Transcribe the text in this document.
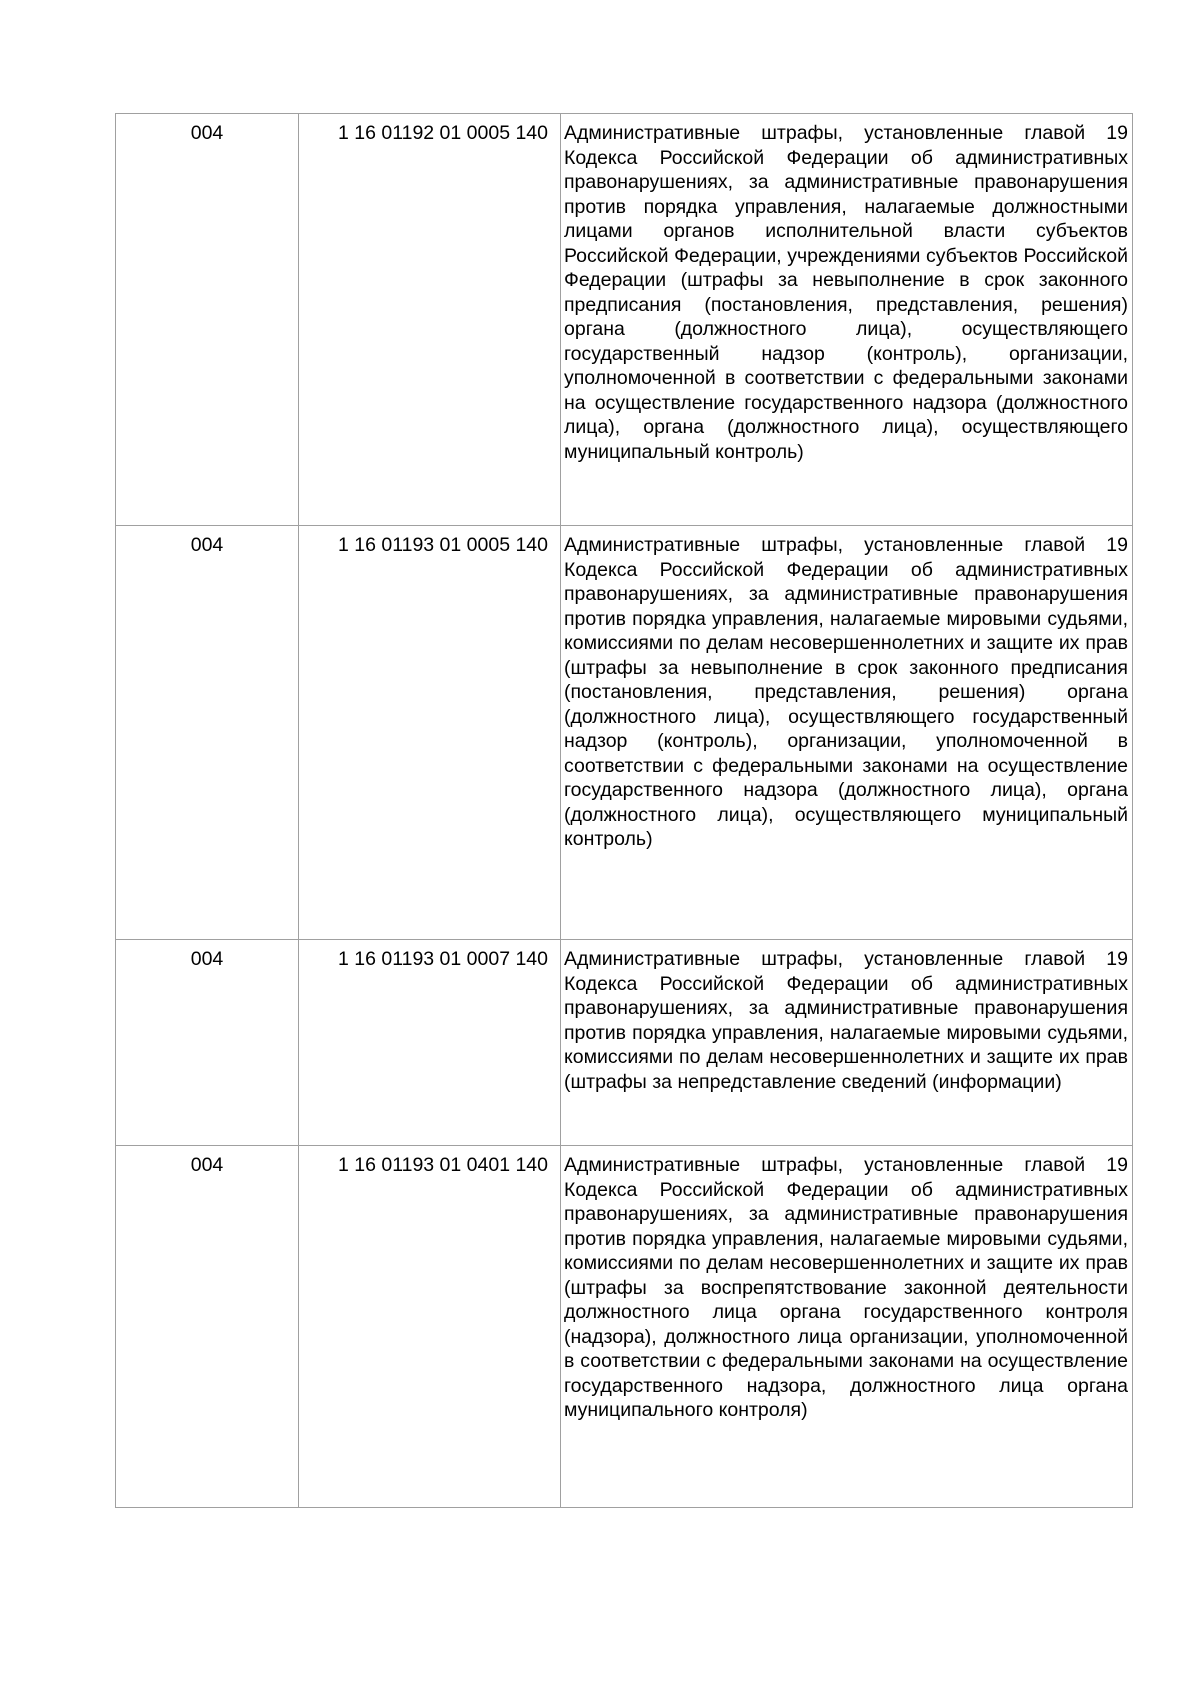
004	1 16 01192 01 0005 140	Административные штрафы, установленные главой 19 Кодекса Российской Федерации об административных правонарушениях, за административные правонарушения против порядка управления, налагаемые должностными лицами органов исполнительной власти субъектов Российской Федерации, учреждениями субъектов Российской Федерации (штрафы за невыполнение в срок законного предписания (постановления, представления, решения) органа (должностного лица), осуществляющего государственный надзор (контроль), организации, уполномоченной в соответствии с федеральными законами на осуществление государственного надзора (должностного лица), органа (должностного лица), осуществляющего муниципальный контроль)
004	1 16 01193 01 0005 140	Административные штрафы, установленные главой 19 Кодекса Российской Федерации об административных правонарушениях, за административные правонарушения против порядка управления, налагаемые мировыми судьями, комиссиями по делам несовершеннолетних и защите их прав (штрафы за невыполнение в срок законного предписания (постановления, представления, решения) органа (должностного лица), осуществляющего государственный надзор (контроль), организации, уполномоченной в соответствии с федеральными законами на осуществление государственного надзора (должностного лица), органа (должностного лица), осуществляющего муниципальный контроль)
004	1 16 01193 01 0007 140	Административные штрафы, установленные главой 19 Кодекса Российской Федерации об административных правонарушениях, за административные правонарушения против порядка управления, налагаемые мировыми судьями, комиссиями по делам несовершеннолетних и защите их прав (штрафы за непредставление сведений (информации)
004	1 16 01193 01 0401 140	Административные штрафы, установленные главой 19 Кодекса Российской Федерации об административных правонарушениях, за административные правонарушения против порядка управления, налагаемые мировыми судьями, комиссиями по делам несовершеннолетних и защите их прав (штрафы за воспрепятствование законной деятельности должностного лица органа государственного контроля (надзора), должностного лица организации, уполномоченной в соответствии с федеральными законами на осуществление государственного надзора, должностного лица органа муниципального контроля)
